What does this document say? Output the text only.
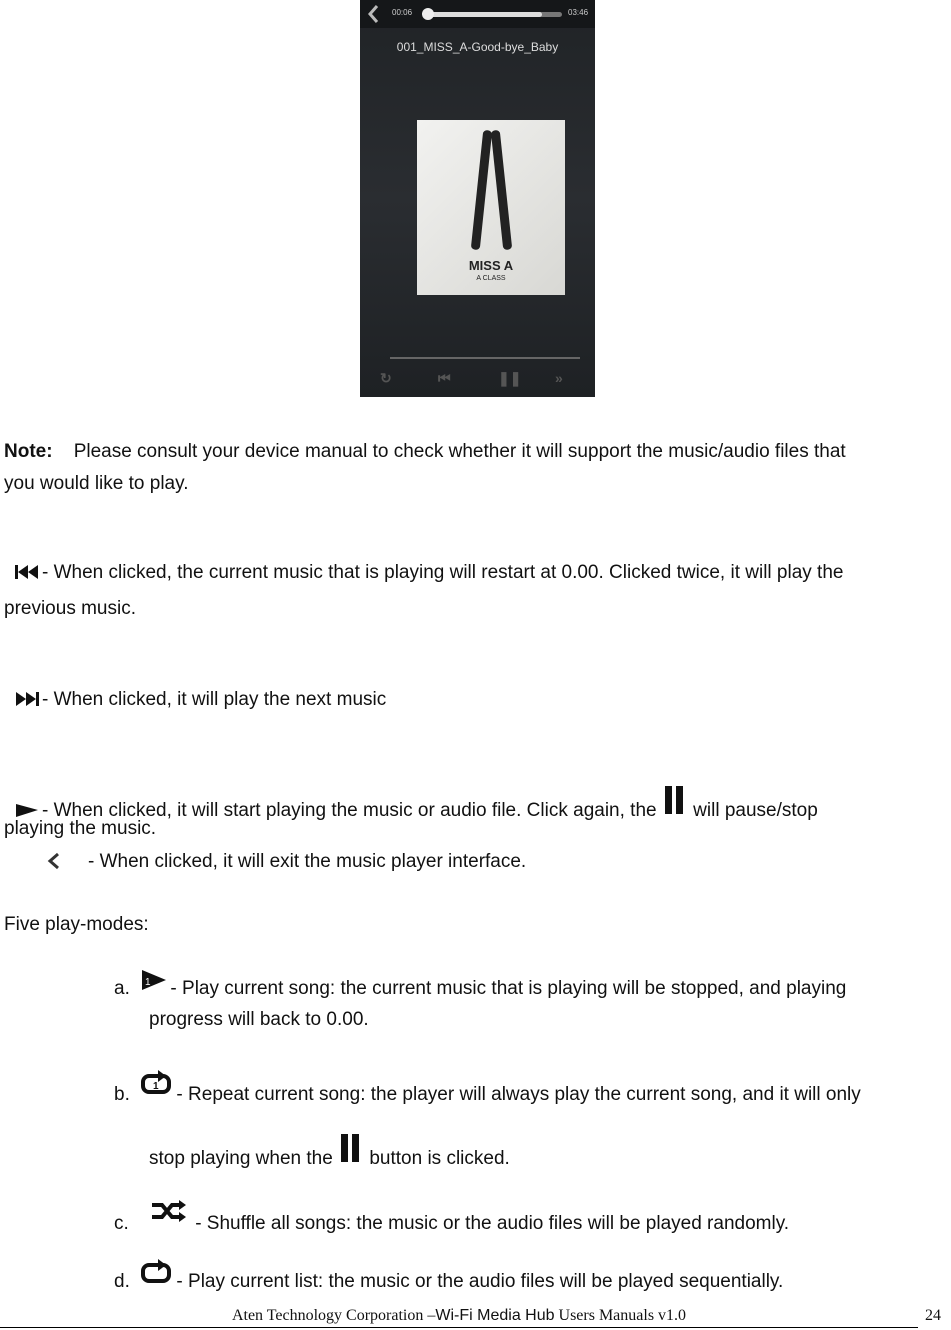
00:06	03:46
001_MISS_A-Good-bye_Baby
MISS A
A CLASS
↻	⏮	❚❚ »
Note: Please consult your device manual to check whether it will support the music/audio files that
you would like to play.
- When clicked, the current music that is playing will restart at 0.00. Clicked twice, it will play the
previous music.
- When clicked, it will play the next music
- When clicked, it will start playing the music or audio file. Click again, the will pause/stop
playing the music.
- When clicked, it will exit the music player interface.
Five play-modes:
a. 1 - Play current song: the current music that is playing will be stopped, and playing
progress will back to 0.00.
b. 1 - Repeat current song: the player will always play the current song, and it will only
stop playing when the button is clicked.
c.	- Shuffle all songs: the music or the audio files will be played randomly.
d. - Play current list: the music or the audio files will be played sequentially.
Aten Technology Corporation –Wi-Fi Media Hub Users Manuals v1.0	24
